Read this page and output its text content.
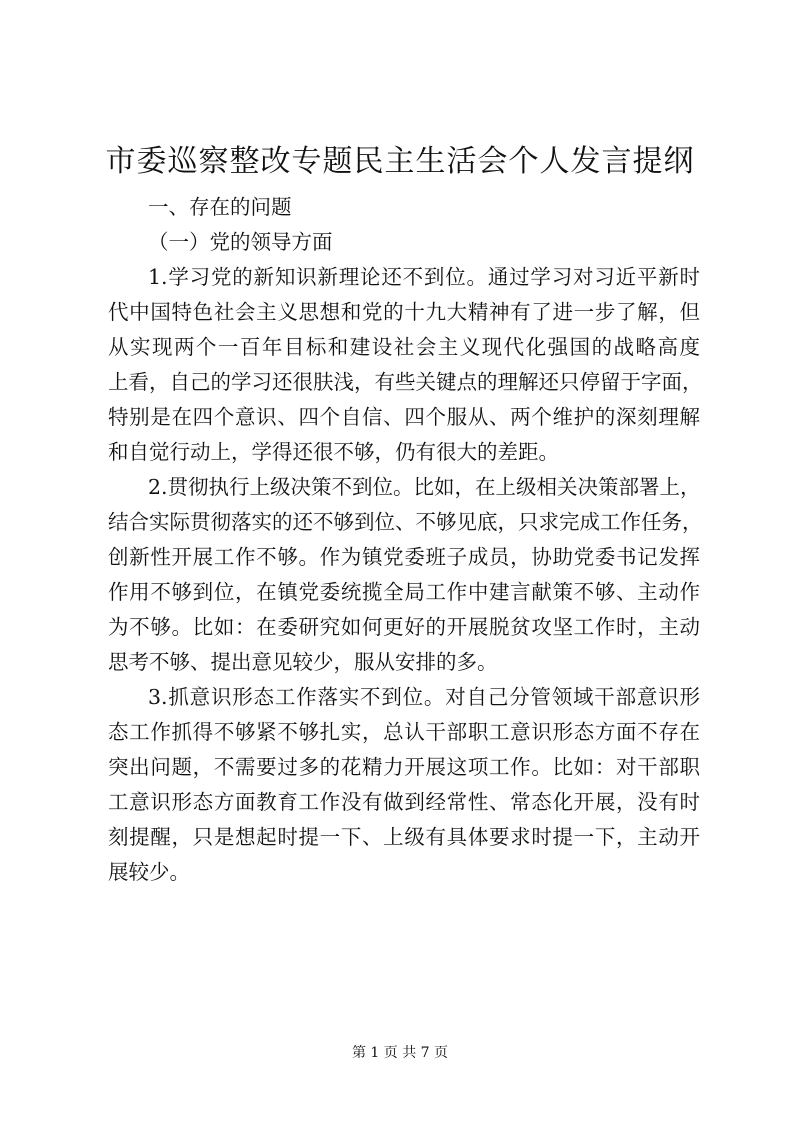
市委巡察整改专题民主生活会个人发言提纲
一、存在的问题
（一）党的领导方面
1.学习党的新知识新理论还不到位。通过学习对习近平新时
代中国特色社会主义思想和党的十九大精神有了进一步了解，但
从实现两个一百年目标和建设社会主义现代化强国的战略高度
上看，自己的学习还很肤浅，有些关键点的理解还只停留于字面，
特别是在四个意识、四个自信、四个服从、两个维护的深刻理解
和自觉行动上，学得还很不够，仍有很大的差距。
2.贯彻执行上级决策不到位。比如，在上级相关决策部署上，
结合实际贯彻落实的还不够到位、不够见底，只求完成工作任务，
创新性开展工作不够。作为镇党委班子成员，协助党委书记发挥
作用不够到位，在镇党委统揽全局工作中建言献策不够、主动作
为不够。比如：在委研究如何更好的开展脱贫攻坚工作时，主动
思考不够、提出意见较少，服从安排的多。
3.抓意识形态工作落实不到位。对自己分管领域干部意识形
态工作抓得不够紧不够扎实，总认干部职工意识形态方面不存在
突出问题，不需要过多的花精力开展这项工作。比如：对干部职
工意识形态方面教育工作没有做到经常性、常态化开展，没有时
刻提醒，只是想起时提一下、上级有具体要求时提一下，主动开
展较少。
第 1 页 共 7 页
